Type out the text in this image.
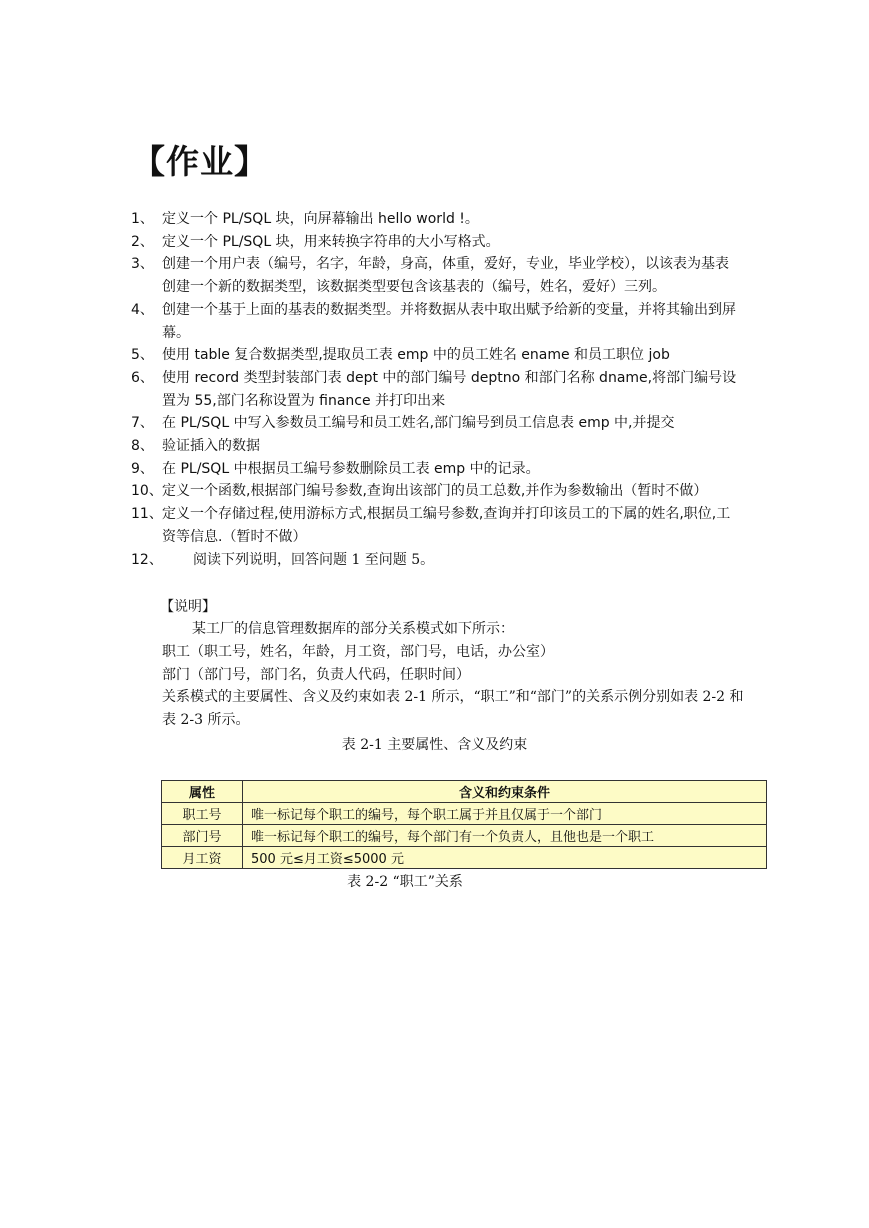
【作业】
1、 定义一个 PL/SQL 块，向屏幕输出 hello world !。
2、 定义一个 PL/SQL 块，用来转换字符串的大小写格式。
3、 创建一个用户表（编号，名字，年龄，身高，体重，爱好，专业，毕业学校），以该表为基表创建一个新的数据类型，该数据类型要包含该基表的（编号，姓名，爱好）三列。
4、 创建一个基于上面的基表的数据类型。并将数据从表中取出赋予给新的变量，并将其输出到屏幕。
5、 使用 table 复合数据类型,提取员工表 emp 中的员工姓名 ename 和员工职位 job
6、 使用 record 类型封装部门表 dept 中的部门编号 deptno 和部门名称 dname,将部门编号设置为 55,部门名称设置为 finance 并打印出来
7、 在 PL/SQL 中写入参数员工编号和员工姓名,部门编号到员工信息表 emp 中,并提交
8、 验证插入的数据
9、 在 PL/SQL 中根据员工编号参数删除员工表 emp 中的记录。
10、 定义一个函数,根据部门编号参数,查询出该部门的员工总数,并作为参数输出（暂时不做）
11、 定义一个存储过程,使用游标方式,根据员工编号参数,查询并打印该员工的下属的姓名,职位,工资等信息.（暂时不做）
12、 阅读下列说明，回答问题 1 至问题 5。
【说明】
某工厂的信息管理数据库的部分关系模式如下所示：
职工（职工号，姓名，年龄，月工资，部门号，电话，办公室）
部门（部门号，部门名，负责人代码，任职时间）
关系模式的主要属性、含义及约束如表 2-1 所示，“职工”和“部门”的关系示例分别如表 2-2 和表 2-3 所示。
表 2-1 主要属性、含义及约束
属性	含义和约束条件
职工号	唯一标记每个职工的编号，每个职工属于并且仅属于一个部门
部门号	唯一标记每个职工的编号，每个部门有一个负责人，且他也是一个职工
月工资	500 元≤月工资≤5000 元
表 2-2 “职工”关系
